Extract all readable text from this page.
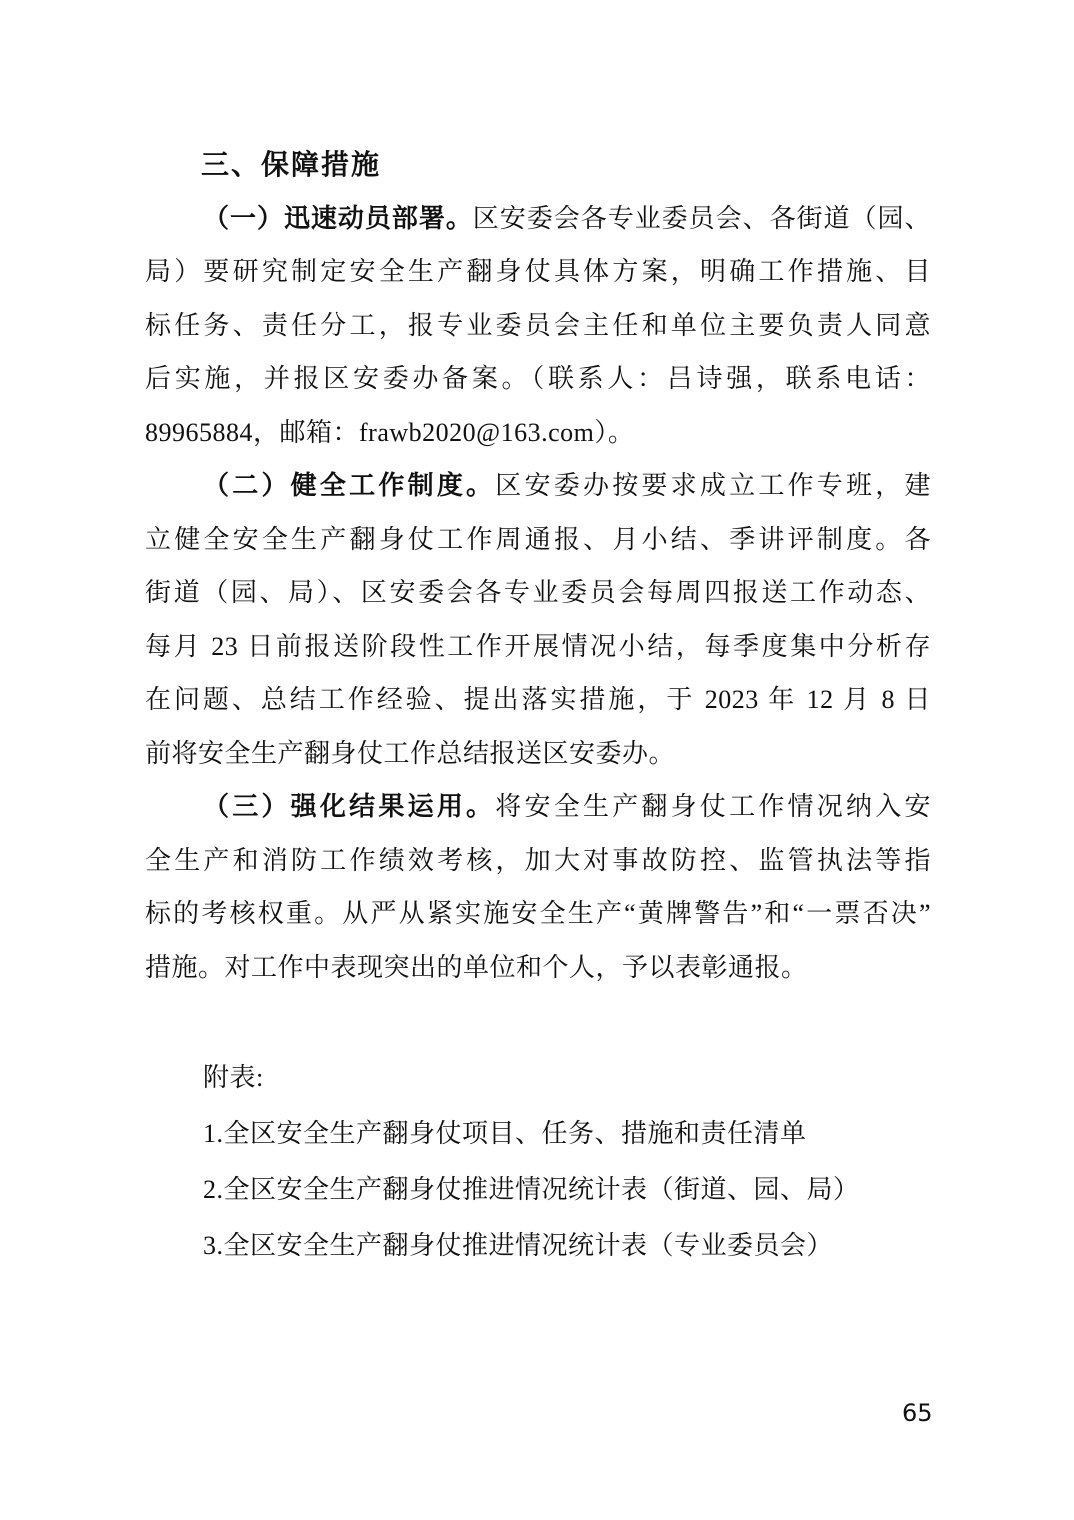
三、保障措施
（一）迅速动员部署。区安委会各专业委员会、各街道（园、
局）要研究制定安全生产翻身仗具体方案，明确工作措施、目
标任务、责任分工，报专业委员会主任和单位主要负责人同意
后实施，并报区安委办备案。（联系人：吕诗强，联系电话：
89965884，邮箱：frawb2020@163.com）。
（二）健全工作制度。区安委办按要求成立工作专班，建
立健全安全生产翻身仗工作周通报、月小结、季讲评制度。各
街道（园、局）、区安委会各专业委员会每周四报送工作动态、
每月 23 日前报送阶段性工作开展情况小结，每季度集中分析存
在问题、总结工作经验、提出落实措施，于 2023 年 12 月 8 日
前将安全生产翻身仗工作总结报送区安委办。
（三）强化结果运用。将安全生产翻身仗工作情况纳入安
全生产和消防工作绩效考核，加大对事故防控、监管执法等指
标的考核权重。从严从紧实施安全生产“黄牌警告”和“一票否决”
措施。对工作中表现突出的单位和个人，予以表彰通报。
附表:
1.全区安全生产翻身仗项目、任务、措施和责任清单
2.全区安全生产翻身仗推进情况统计表（街道、园、局）
3.全区安全生产翻身仗推进情况统计表（专业委员会）
65
